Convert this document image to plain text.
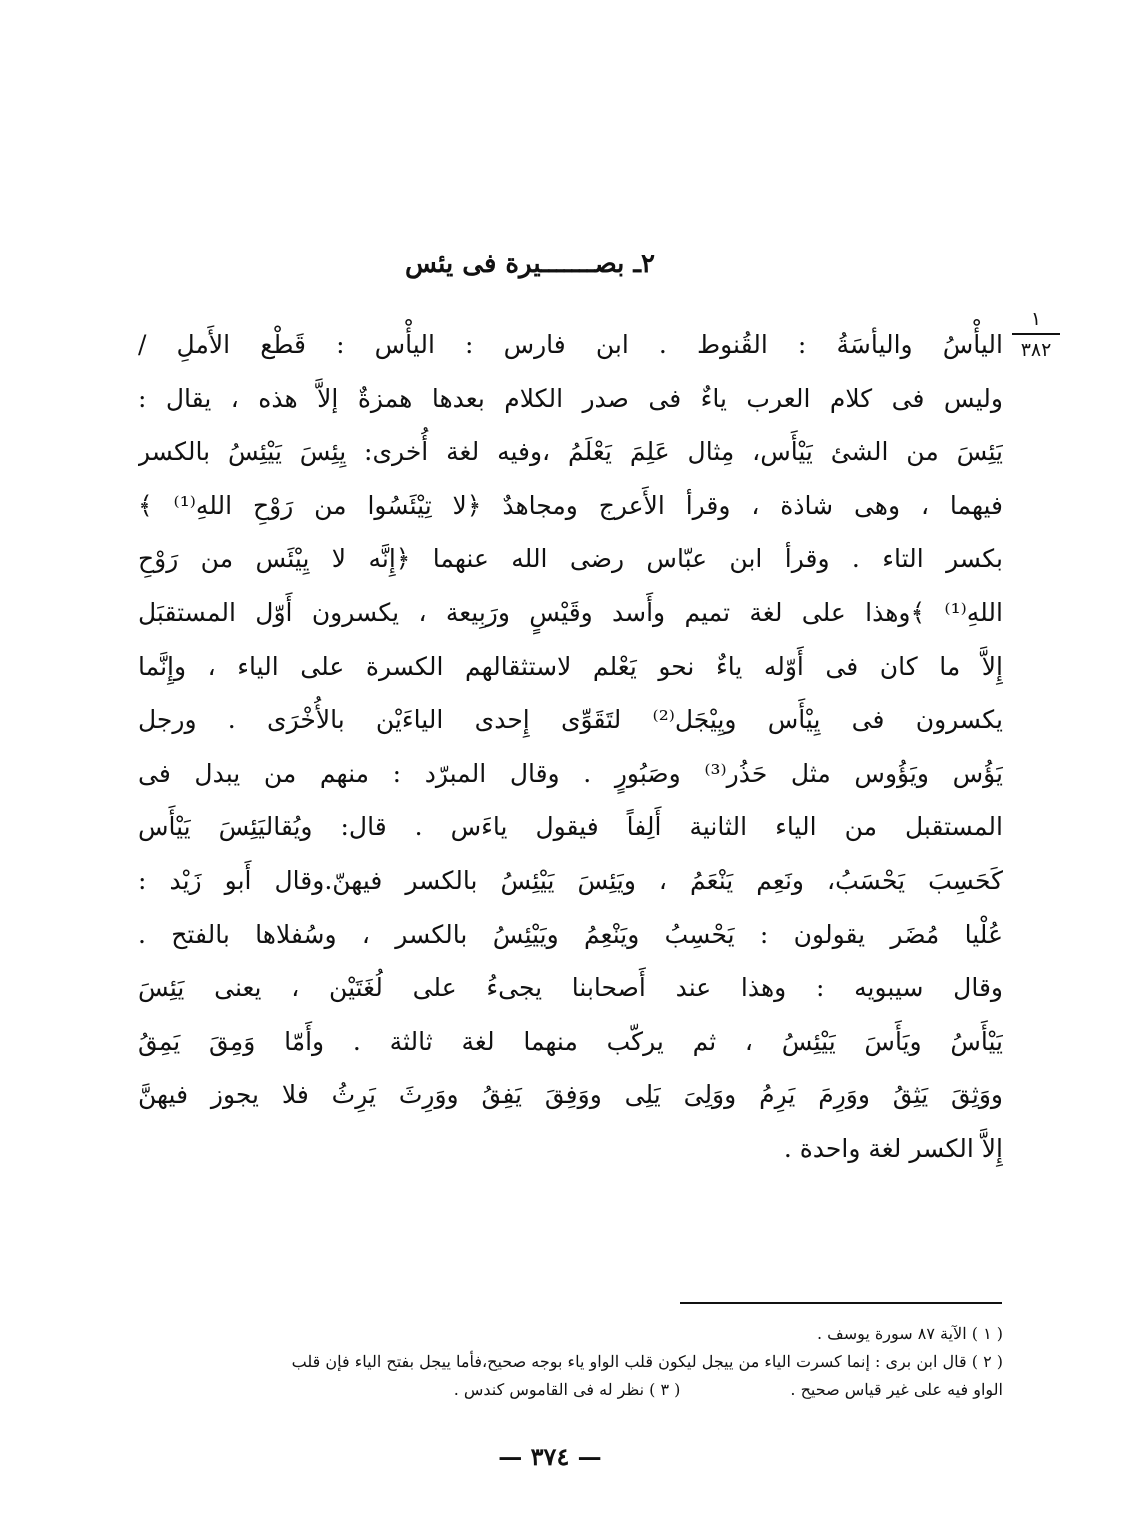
٢ـ بصـــــــيرة فى يئس
١
٣٨٢
اليأْسُ واليأسَةُ : القُنوط . ابن فارس : اليأْس : قَطْع الأَملِ /
وليس فى كلام العرب ياءٌ فى صدر الكلام بعدها همزةٌ إلاَّ هذه ، يقال :
يَئِسَ من الشئ يَيْأَس، مِثال عَلِمَ يَعْلَمُ ،وفيه لغة أُخرى: يِئِسَ يَيْئِسُ بالكسر
فيهما ، وهى شاذة ، وقرأ الأَعرج ومجاهدٌ ﴿لا تِيْئَسُوا من رَوْحِ اللهِ⁽¹⁾ ﴾
بكسر التاء . وقرأ ابن عبّاس رضى الله عنهما ﴿إِنَّه لا يِيْئَس من رَوْحِ
اللهِ⁽¹⁾ ﴾وهذا على لغة تميم وأَسد وقَيْسٍ ورَبِيعة ، يكسرون أَوّل المستقبَل
إِلاَّ ما كان فى أَوّله ياءٌ نحو يَعْلم لاستثقالهم الكسرة على الياء ، وإِنَّما
يكسرون فى يِيْأَس ويِيْجَل⁽²⁾ لتَقَوِّى إِحدى الياءَيْن بالأُخْرَى . ورجل
يَؤُس ويَؤُوس مثل حَذُر⁽³⁾ وصَبُورٍ . وقال المبرّد : منهم من يبدل فى
المستقبل من الياء الثانية أَلِفاً فيقول ياءَس . قال: ويُقاليَئِسَ يَيْأَس
كَحَسِبَ يَحْسَبُ، ونَعِم يَنْعَمُ ، ويَئِسَ يَيْئِسُ بالكسر فيهنّ.وقال أَبو زَيْد :
عُلْيا مُضَر يقولون : يَحْسِبُ ويَنْعِمُ ويَيْئِسُ بالكسر ، وسُفلاها بالفتح .
وقال سيبويه : وهذا عند أَصحابنا يجىءُ على لُغَتَيْن ، يعنى يَئِسَ
يَيْأَسُ ويَأَسَ يَيْئِسُ ، ثم يركّب منهما لغة ثالثة . وأَمّا وَمِقَ يَمِقُ
ووَثِقَ يَثِقُ ووَرِمَ يَرِمُ ووَلِىَ يَلِى ووَفِقَ يَفِقُ ووَرِثَ يَرِثُ فلا يجوز فيهنَّ
إِلاَّ الكسر لغة واحدة .
( ١ ) الآية ٨٧ سورة يوسف .
( ٢ ) قال ابن برى : إنما كسرت الياء من ييجل ليكون قلب الواو ياء بوجه صحيح،فأما ييجل بفتح الياء فإن قلب
الواو فيه على غير قياس صحيح .
( ٣ ) نظر له فى القاموس كندس .
— ٣٧٤ —
